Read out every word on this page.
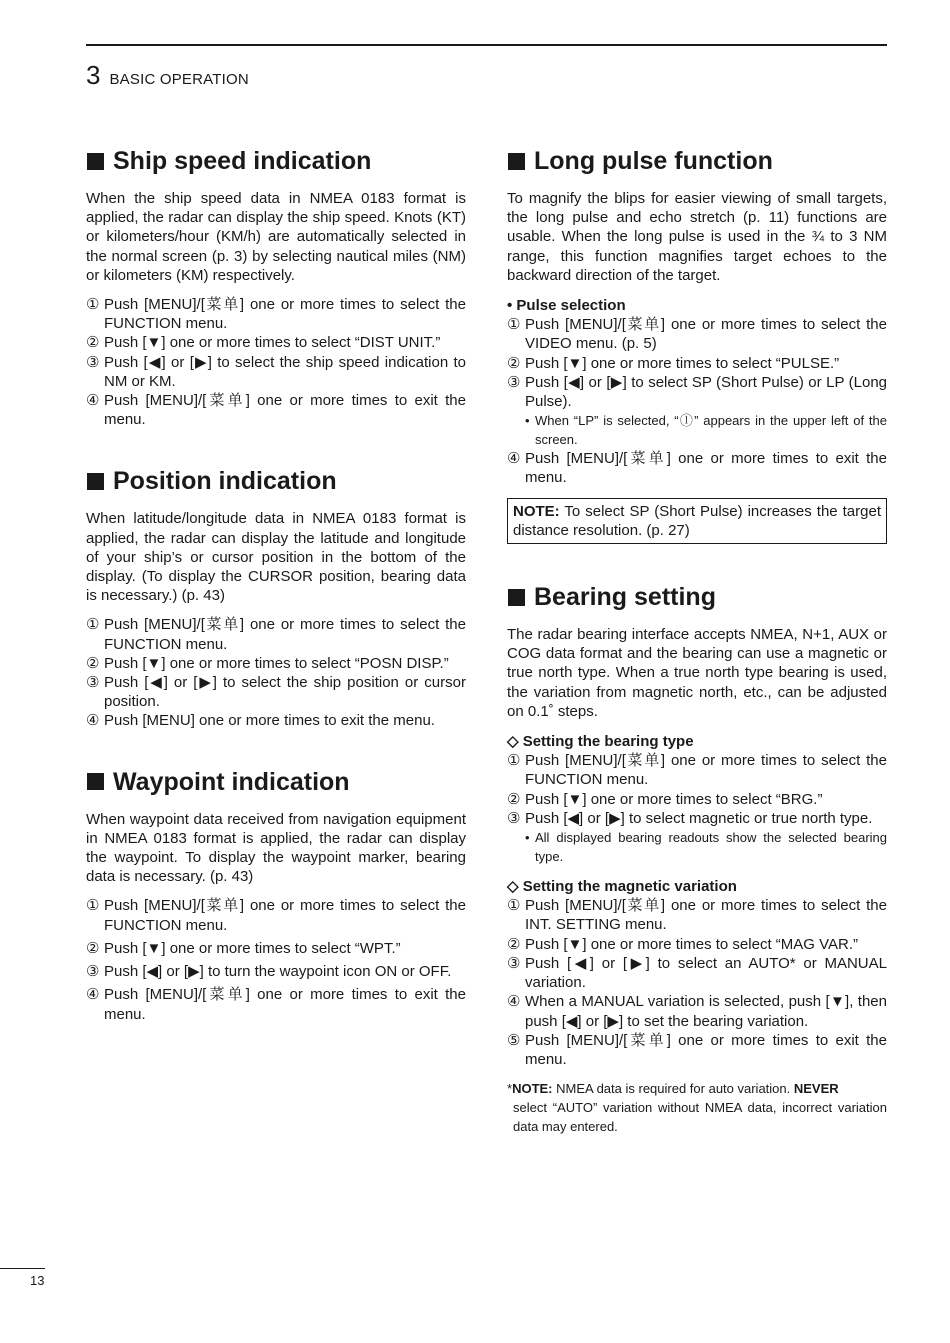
3 BASIC OPERATION
Ship speed indication

When the ship speed data in NMEA 0183 format is applied, the radar can display the ship speed. Knots (KT) or kilometers/hour (KM/h) are automatically selected in the normal screen (p. 3) by selecting nautical miles (NM) or kilometers (KM) respectively.

① Push [MENU]/[菜单] one or more times to select the FUNCTION menu.
② Push [▼] one or more times to select “DIST UNIT.”
③ Push [◀] or [▶] to select the ship speed indication to NM or KM.
④ Push [MENU]/[菜单] one or more times to exit the menu.
Position indication

When latitude/longitude data in NMEA 0183 format is applied, the radar can display the latitude and longitude of your ship’s or cursor position in the bottom of the display. (To display the CURSOR position, bearing data is necessary.) (p. 43)

① Push [MENU]/[菜单] one or more times to select the FUNCTION menu.
② Push [▼] one or more times to select “POSN DISP.”
③ Push [◀] or [▶] to select the ship position or cursor position.
④ Push [MENU] one or more times to exit the menu.
Waypoint indication

When waypoint data received from navigation equipment in NMEA 0183 format is applied, the radar can display the waypoint. To display the waypoint marker, bearing data is necessary. (p. 43)

① Push [MENU]/[菜单] one or more times to select the FUNCTION menu.
② Push [▼] one or more times to select “WPT.”
③ Push [◀] or [▶] to turn the waypoint icon ON or OFF.
④ Push [MENU]/[菜单] one or more times to exit the menu.
Long pulse function

To magnify the blips for easier viewing of small targets, the long pulse and echo stretch (p. 11) functions are usable. When the long pulse is used in the ¾ to 3 NM range, this function magnifies target echoes to the backward direction of the target.

• Pulse selection
① Push [MENU]/[菜单] one or more times to select the VIDEO menu. (p. 5)
② Push [▼] one or more times to select “PULSE.”
③ Push [◀] or [▶] to select SP (Short Pulse) or LP (Long Pulse).
• When “LP” is selected, “ⓛ” appears in the upper left of the screen.
④ Push [MENU]/[菜单] one or more times to exit the menu.
NOTE: To select SP (Short Pulse) increases the target distance resolution. (p. 27)
Bearing setting

The radar bearing interface accepts NMEA, N+1, AUX or COG data format and the bearing can use a magnetic or true north type. When a true north type bearing is used, the variation from magnetic north, etc., can be adjusted on 0.1˚ steps.

◇ Setting the bearing type
① Push [MENU]/[菜单] one or more times to select the FUNCTION menu.
② Push [▼] one or more times to select “BRG.”
③ Push [◀] or [▶] to select magnetic or true north type.
• All displayed bearing readouts show the selected bearing type.
◇ Setting the magnetic variation
① Push [MENU]/[菜单] one or more times to select the INT. SETTING menu.
② Push [▼] one or more times to select “MAG VAR.”
③ Push [◀] or [▶] to select an AUTO* or MANUAL variation.
④ When a MANUAL variation is selected, push [▼], then push [◀] or [▶] to set the bearing variation.
⑤ Push [MENU]/[菜单] one or more times to exit the menu.
*NOTE: NMEA data is required for auto variation. NEVER
select “AUTO” variation without NMEA data, incorrect variation data may entered.
13
